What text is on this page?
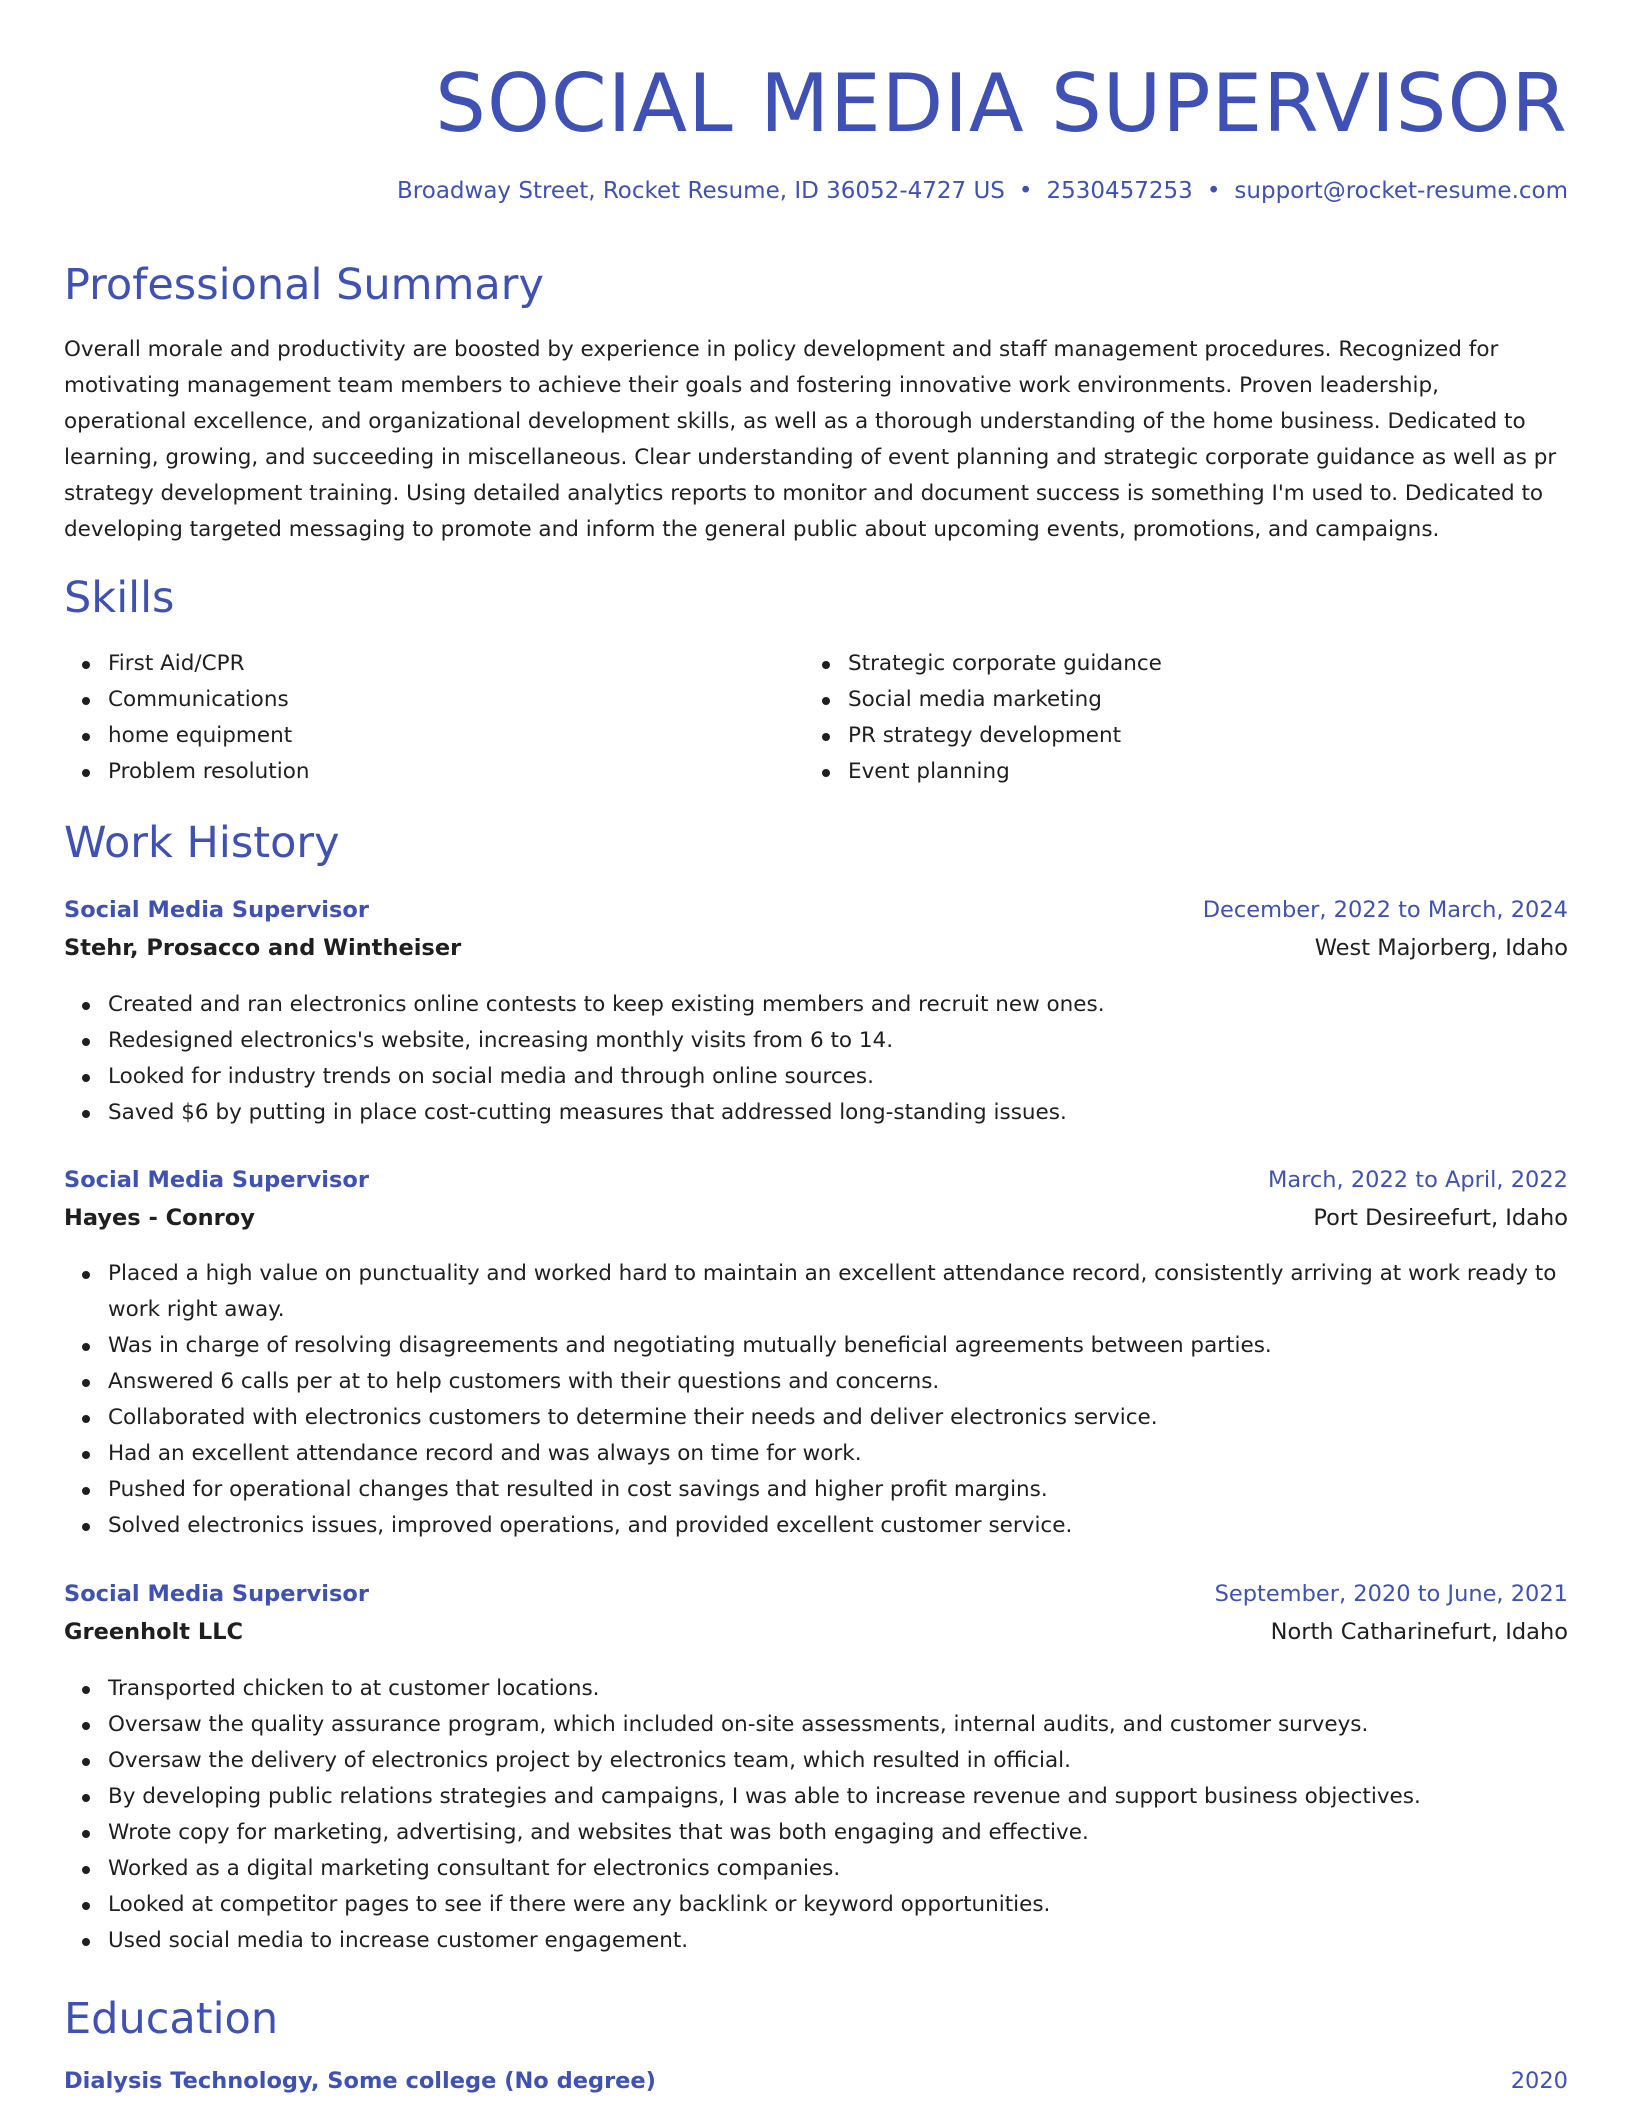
SOCIAL MEDIA SUPERVISOR
Broadway Street, Rocket Resume, ID 36052-4727 US • 2530457253 • support@rocket-resume.com
Professional Summary

Overall morale and productivity are boosted by experience in policy development and staff management procedures. Recognized for motivating management team members to achieve their goals and fostering innovative work environments. Proven leadership, operational excellence, and organizational development skills, as well as a thorough understanding of the home business. Dedicated to learning, growing, and succeeding in miscellaneous. Clear understanding of event planning and strategic corporate guidance as well as pr strategy development training. Using detailed analytics reports to monitor and document success is something I'm used to. Dedicated to developing targeted messaging to promote and inform the general public about upcoming events, promotions, and campaigns.

Skills
First Aid/CPR
Communications
home equipment
Problem resolution
Strategic corporate guidance
Social media marketing
PR strategy development
Event planning
Work History
Social Media Supervisor	December, 2022 to March, 2024
Stehr, Prosacco and Wintheiser	West Majorberg, Idaho
Created and ran electronics online contests to keep existing members and recruit new ones.
Redesigned electronics's website, increasing monthly visits from 6 to 14.
Looked for industry trends on social media and through online sources.
Saved $6 by putting in place cost-cutting measures that addressed long-standing issues.
Social Media Supervisor	March, 2022 to April, 2022
Hayes - Conroy	Port Desireefurt, Idaho
Placed a high value on punctuality and worked hard to maintain an excellent attendance record, consistently arriving at work ready to work right away.
Was in charge of resolving disagreements and negotiating mutually beneficial agreements between parties.
Answered 6 calls per at to help customers with their questions and concerns.
Collaborated with electronics customers to determine their needs and deliver electronics service.
Had an excellent attendance record and was always on time for work.
Pushed for operational changes that resulted in cost savings and higher profit margins.
Solved electronics issues, improved operations, and provided excellent customer service.
Social Media Supervisor	September, 2020 to June, 2021
Greenholt LLC	North Catharinefurt, Idaho
Transported chicken to at customer locations.
Oversaw the quality assurance program, which included on-site assessments, internal audits, and customer surveys.
Oversaw the delivery of electronics project by electronics team, which resulted in official.
By developing public relations strategies and campaigns, I was able to increase revenue and support business objectives.
Wrote copy for marketing, advertising, and websites that was both engaging and effective.
Worked as a digital marketing consultant for electronics companies.
Looked at competitor pages to see if there were any backlink or keyword opportunities.
Used social media to increase customer engagement.
Education
Dialysis Technology, Some college (No degree)	2020
